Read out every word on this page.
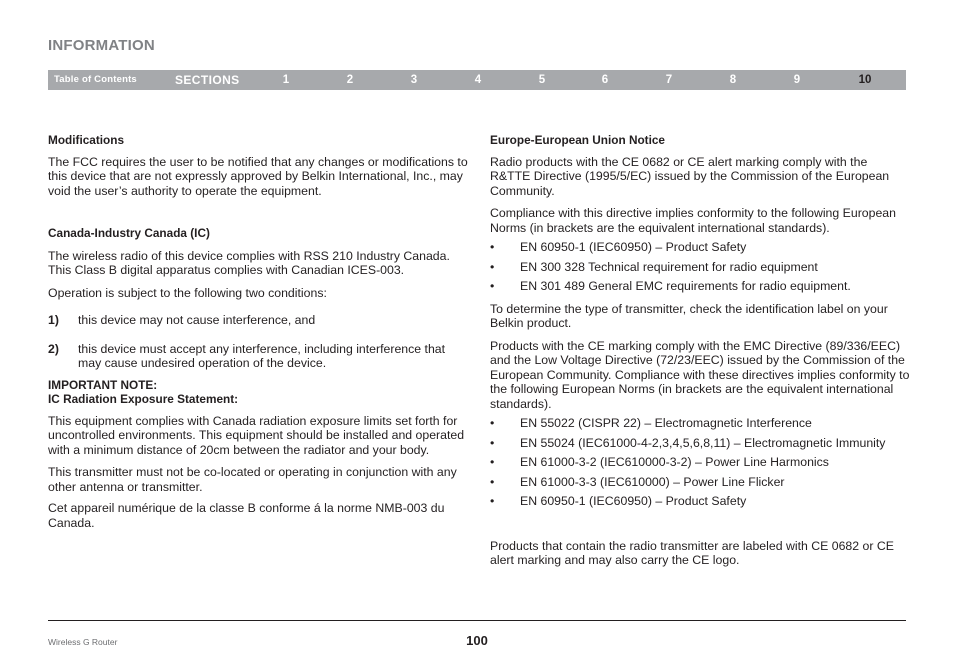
INFORMATION
Table of Contents	SECTIONS	1	2	3	4	5	6	7	8	9	10

Modifications

The FCC requires the user to be notified that any changes or modifications to this device that are not expressly approved by Belkin International, Inc., may void the user’s authority to operate the equipment.

Canada-Industry Canada (IC)

The wireless radio of this device complies with RSS 210 Industry Canada. This Class B digital apparatus complies with Canadian ICES-003.

Operation is subject to the following two conditions:

1) this device may not cause interference, and
2) this device must accept any interference, including interference that may cause undesired operation of the device.

IMPORTANT NOTE:

IC Radiation Exposure Statement:

This equipment complies with Canada radiation exposure limits set forth for uncontrolled environments. This equipment should be installed and operated with a minimum distance of 20cm between the radiator and your body.

This transmitter must not be co-located or operating in conjunction with any other antenna or transmitter.

Cet appareil numérique de la classe B conforme á la norme NMB-003 du Canada.

Europe-European Union Notice

Radio products with the CE 0682 or CE alert marking comply with the R&TTE Directive (1995/5/EC) issued by the Commission of the European Community.

Compliance with this directive implies conformity to the following European Norms (in brackets are the equivalent international standards).

• EN 60950-1 (IEC60950) – Product Safety
• EN 300 328 Technical requirement for radio equipment
• EN 301 489 General EMC requirements for radio equipment.

To determine the type of transmitter, check the identification label on your Belkin product.

Products with the CE marking comply with the EMC Directive (89/336/EEC) and the Low Voltage Directive (72/23/EEC) issued by the Commission of the European Community. Compliance with these directives implies conformity to the following European Norms (in brackets are the equivalent international standards).

• EN 55022 (CISPR 22) – Electromagnetic Interference
• EN 55024 (IEC61000-4-2,3,4,5,6,8,11) – Electromagnetic Immunity
• EN 61000-3-2 (IEC610000-3-2) – Power Line Harmonics
• EN 61000-3-3 (IEC610000) – Power Line Flicker
• EN 60950-1 (IEC60950) – Product Safety

Products that contain the radio transmitter are labeled with CE 0682 or CE alert marking and may also carry the CE logo.

Wireless G Router	100
